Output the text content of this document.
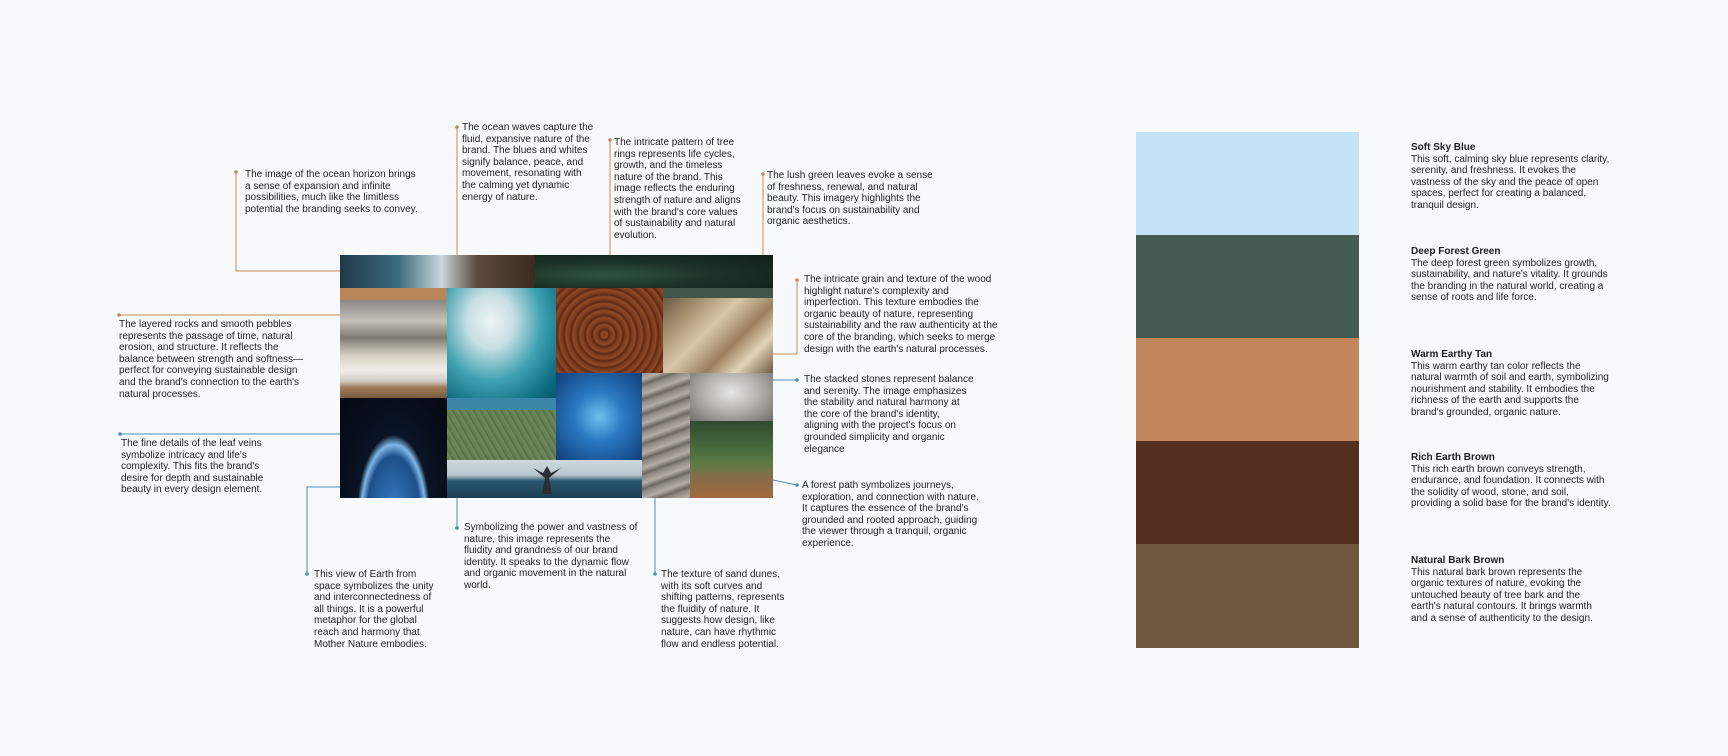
The image of the ocean horizon brings a sense of expansion and infinite possibilities, much like the limitless potential the branding seeks to convey.

The ocean waves capture the fluid, expansive nature of the brand. The blues and whites signify balance, peace, and movement, resonating with the calming yet dynamic energy of nature.

The intricate pattern of tree rings represents life cycles, growth, and the timeless nature of the brand. This image reflects the enduring strength of nature and aligns with the brand's core values of sustainability and natural evolution.

The lush green leaves evoke a sense of freshness, renewal, and natural beauty. This imagery highlights the brand's focus on sustainability and organic aesthetics.

The layered rocks and smooth pebbles represents the passage of time, natural erosion, and structure. It reflects the balance between strength and softness—perfect for conveying sustainable design and the brand's connection to the earth's natural processes.

The intricate grain and texture of the wood highlight nature's complexity and imperfection. This texture embodies the organic beauty of nature, representing sustainability and the raw authenticity at the core of the branding, which seeks to merge design with the earth's natural processes.

The stacked stones represent balance and serenity. The image emphasizes the stability and natural harmony at the core of the brand's identity, aligning with the project's focus on grounded simplicity and organic elegance

The fine details of the leaf veins symbolize intricacy and life's complexity. This fits the brand's desire for depth and sustainable beauty in every design element.	A forest path symbolizes journeys, exploration, and connection with nature. It captures the essence of the brand's grounded and rooted approach, guiding the viewer through a tranquil, organic experience.

Symbolizing the power and vastness of nature, this image represents the fluidity and grandness of our brand identity. It speaks to the dynamic flow and organic movement in the natural world.

This view of Earth from space symbolizes the unity and interconnectedness of all things. It is a powerful metaphor for the global reach and harmony that Mother Nature embodies.

The texture of sand dunes, with its soft curves and shifting patterns, represents the fluidity of nature. It suggests how design, like nature, can have rhythmic flow and endless potential.

Soft Sky Blue
This soft, calming sky blue represents clarity, serenity, and freshness. It evokes the vastness of the sky and the peace of open spaces, perfect for creating a balanced, tranquil design.
Deep Forest Green
The deep forest green symbolizes growth, sustainability, and nature's vitality. It grounds the branding in the natural world, creating a sense of roots and life force.
Warm Earthy Tan
This warm earthy tan color reflects the natural warmth of soil and earth, symbolizing nourishment and stability. It embodies the richness of the earth and supports the brand's grounded, organic nature.
Rich Earth Brown
This rich earth brown conveys strength, endurance, and foundation. It connects with the solidity of wood, stone, and soil, providing a solid base for the brand's identity.
Natural Bark Brown
This natural bark brown represents the organic textures of nature, evoking the untouched beauty of tree bark and the earth's natural contours. It brings warmth and a sense of authenticity to the design.
